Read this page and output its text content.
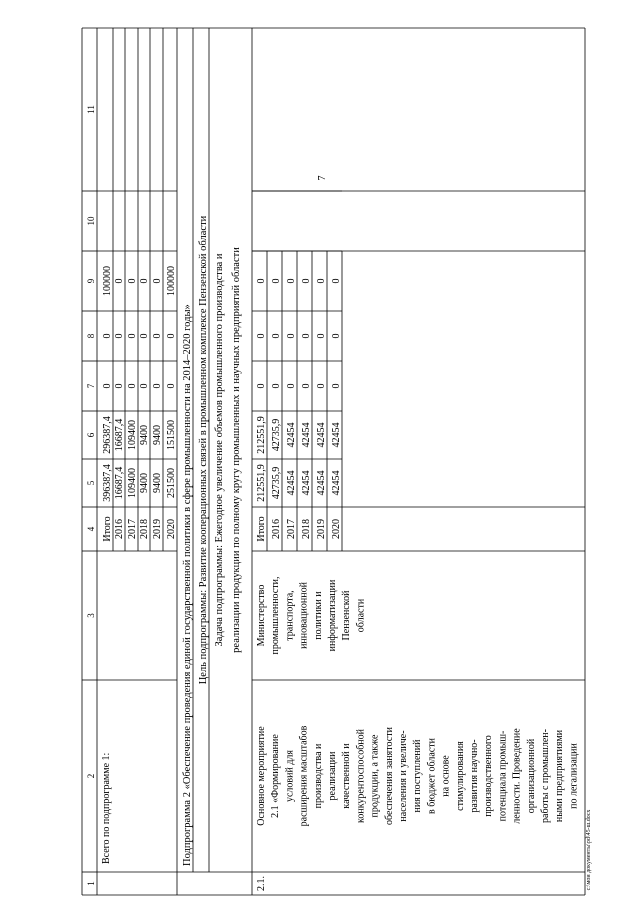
7
1
2
3
4
5
6
7
8
9
10
11
Всего по подпрограмме 1:
Итого
396387,4
296387,4
0
0
100000
2016
16687,4
16687,4
0
0
0
2017
109400
109400
0
0
0
2018
9400
9400
0
0
0
2019
9400
9400
0
0
0
2020
251500
151500
0
0
100000
Подпрограмма 2 «Обеспечение проведения единой государственной политики в сфере промышленности на 2014–2020 годы» Цель подпрограммы: Развитие кооперационных связей в промышленном комплексе Пензенской области Задача подпрограммы: Ежегодное увеличение объемов промышленного производства и реализации продукции по полному кругу промышленных и научных предприятий области
2.1.
Основное мероприятие 2.1 «Формирование условий для расширения масштабов производства и реализации качественной и конкурентоспособной продукции, а также обеспечения занятости населения и увеличе- ния поступлений в бюджет области на основе стимулирования развития научно- производственного потенциала промыш- ленности. Проведение организационной работы с промышлен- ными предприятиями по легализации
Министерство промышленности, транспорта, инновационной политики и информатизации Пензенской области
Итого
212551,9
212551,9
0
0
0
2016
42735,9
42735,9
0
0
0
2017
42454
42454
0
0
0
2018
42454
42454
0
0
0
2019
42454
42454
0
0
0
2020
42454
42454
0
0
0
c:\мои документы\pd\45-ш.docx
